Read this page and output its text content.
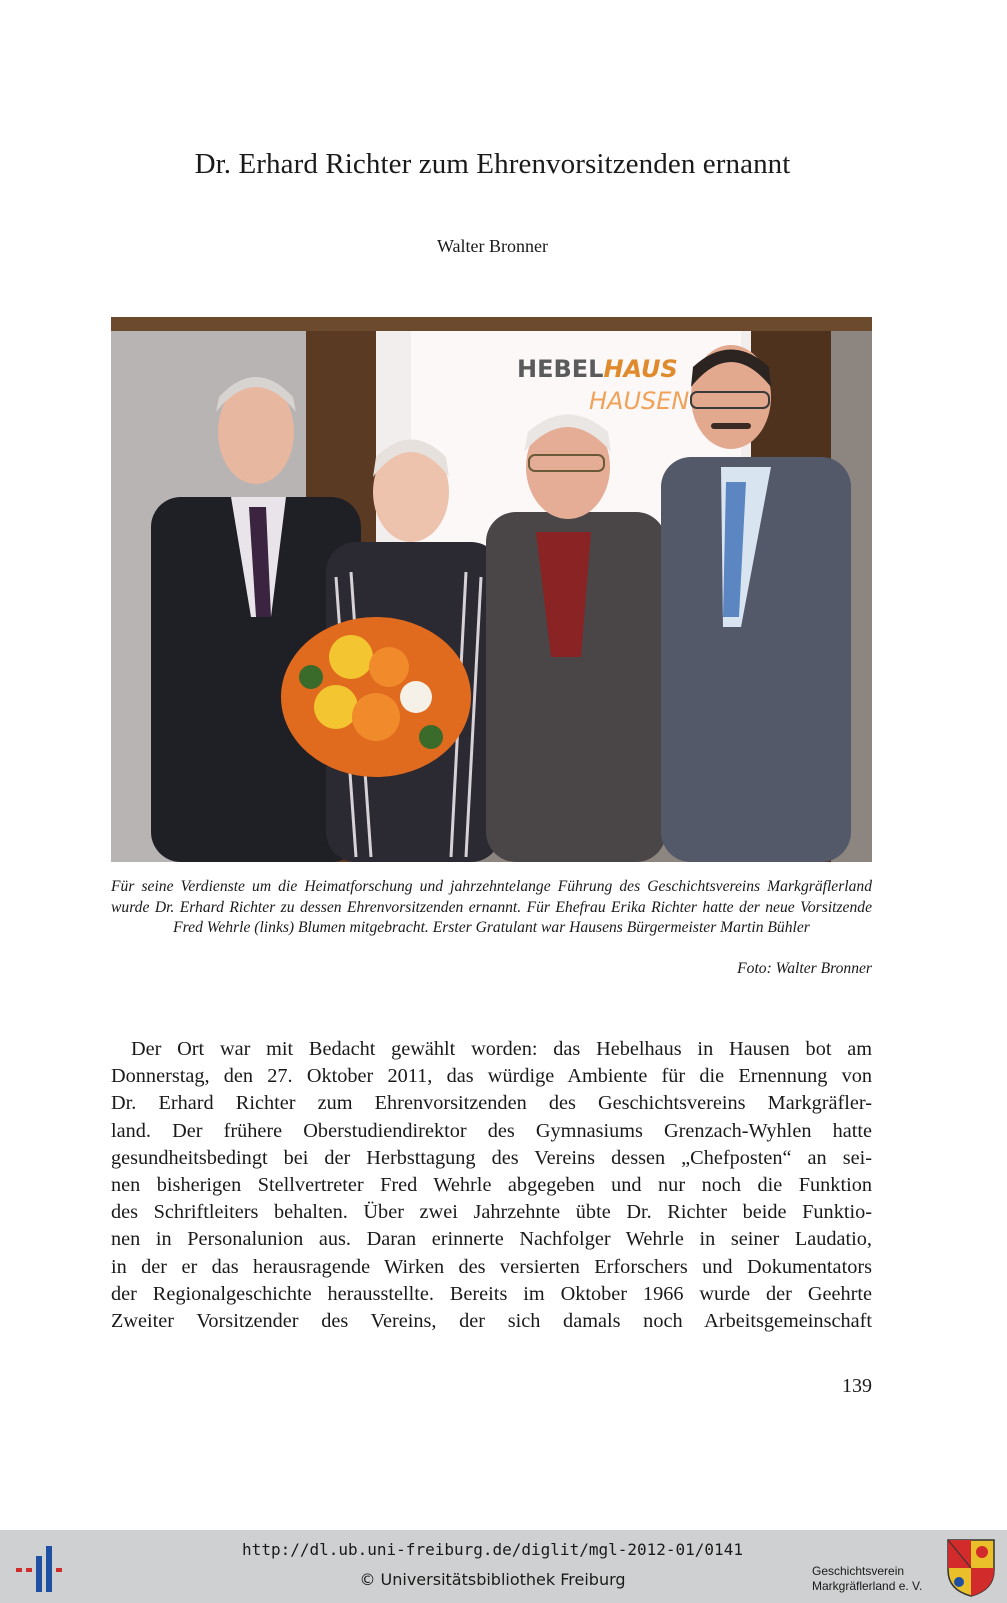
Dr. Erhard Richter zum Ehrenvorsitzenden ernannt
Walter Bronner
HEBELHAUS
HAUSEN
Für seine Verdienste um die Heimatforschung und jahrzehntelange Führung des Geschichtsvereins Markgräflerland wurde Dr. Erhard Richter zu dessen Ehrenvorsitzenden ernannt. Für Ehefrau Erika Richter hatte der neue Vorsitzende Fred Wehrle (links) Blumen mitgebracht. Erster Gratulant war Hausens Bürgermeister Martin Bühler
Foto: Walter Bronner
Der Ort war mit Bedacht gewählt worden: das Hebelhaus in Hausen bot am
Donnerstag, den 27. Oktober 2011, das würdige Ambiente für die Ernennung von
Dr. Erhard Richter zum Ehrenvorsitzenden des Geschichtsvereins Markgräfler-
land. Der frühere Oberstudiendirektor des Gymnasiums Grenzach-Wyhlen hatte
gesundheitsbedingt bei der Herbsttagung des Vereins dessen „Chefposten“ an sei-
nen bisherigen Stellvertreter Fred Wehrle abgegeben und nur noch die Funktion
des Schriftleiters behalten. Über zwei Jahrzehnte übte Dr. Richter beide Funktio-
nen in Personalunion aus. Daran erinnerte Nachfolger Wehrle in seiner Laudatio,
in der er das herausragende Wirken des versierten Erforschers und Dokumentators
der Regionalgeschichte herausstellte. Bereits im Oktober 1966 wurde der Geehrte
Zweiter Vorsitzender des Vereins, der sich damals noch Arbeitsgemeinschaft
139
http://dl.ub.uni-freiburg.de/diglit/mgl-2012-01/0141
© Universitätsbibliothek Freiburg	Geschichtsverein
Markgräflerland e. V.
